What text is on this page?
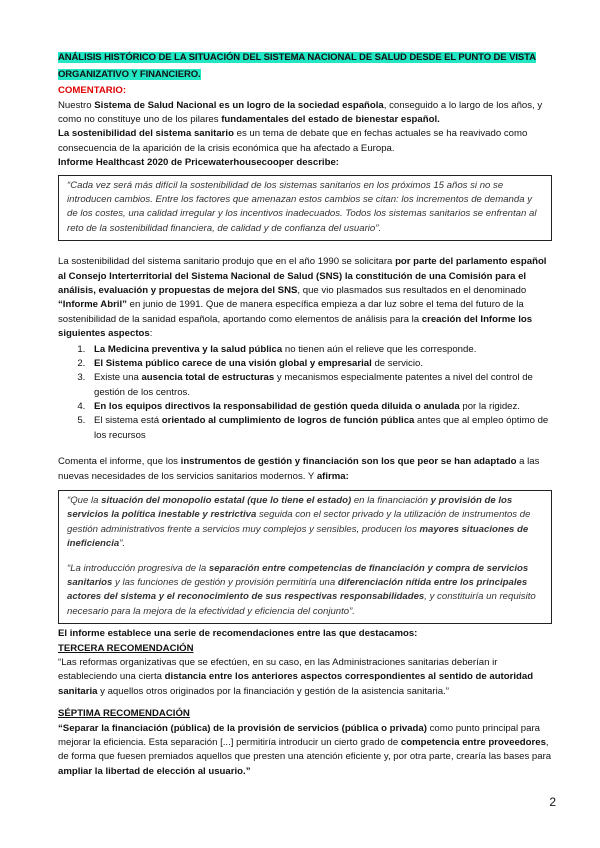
ANÁLISIS HISTÓRICO DE LA SITUACIÓN DEL SISTEMA NACIONAL DE SALUD DESDE EL PUNTO DE VISTA ORGANIZATIVO Y FINANCIERO.

COMENTARIO:

Nuestro Sistema de Salud Nacional es un logro de la sociedad española, conseguido a lo largo de los años, y como no constituye uno de los pilares fundamentales del estado de bienestar español.

La sostenibilidad del sistema sanitario es un tema de debate que en fechas actuales se ha reavivado como consecuencia de la aparición de la crisis económica que ha afectado a Europa.

Informe Healthcast 2020 de Pricewaterhousecooper describe:

“Cada vez será más difícil la sostenibilidad de los sistemas sanitarios en los próximos 15 años si no se introducen cambios. Entre los factores que amenazan estos cambios se citan: los incrementos de demanda y de los costes, una calidad irregular y los incentivos inadecuados. Todos los sistemas sanitarios se enfrentan al reto de la sostenibilidad financiera, de calidad y de confianza del usuario”.

La sostenibilidad del sistema sanitario produjo que en el año 1990 se solicitara por parte del parlamento español al Consejo Interterritorial del Sistema Nacional de Salud (SNS) la constitución de una Comisión para el análisis, evaluación y propuestas de mejora del SNS, que vio plasmados sus resultados en el denominado “Informe Abril” en junio de 1991. Que de manera específica empieza a dar luz sobre el tema del futuro de la sostenibilidad de la sanidad española, aportando como elementos de análisis para la creación del Informe los siguientes aspectos:

1. La Medicina preventiva y la salud pública no tienen aún el relieve que les corresponde.
2. El Sistema público carece de una visión global y empresarial de servicio.
3. Existe una ausencia total de estructuras y mecanismos especialmente patentes a nivel del control de gestión de los centros.
4. En los equipos directivos la responsabilidad de gestión queda diluida o anulada por la rigidez.
5. El sistema está orientado al cumplimiento de logros de función pública antes que al empleo óptimo de los recursos

Comenta el informe, que los instrumentos de gestión y financiación son los que peor se han adaptado a las nuevas necesidades de los servicios sanitarios modernos. Y afirma:

“Que la situación del monopolio estatal (que lo tiene el estado) en la financiación y provisión de los servicios la política inestable y restrictiva seguida con el sector privado y la utilización de instrumentos de gestión administrativos frente a servicios muy complejos y sensibles, producen los mayores situaciones de ineficiencia”.

“La introducción progresiva de la separación entre competencias de financiación y compra de servicios sanitarios y las funciones de gestión y provisión permitiría una diferenciación nítida entre los principales actores del sistema y el reconocimiento de sus respectivas responsabilidades, y constituiría un requisito necesario para la mejora de la efectividad y eficiencia del conjunto”.

El informe establece una serie de recomendaciones entre las que destacamos:

TERCERA RECOMENDACIÓN

“Las reformas organizativas que se efectúen, en su caso, en las Administraciones sanitarias deberían ir estableciendo una cierta distancia entre los anteriores aspectos correspondientes al sentido de autoridad sanitaria y aquellos otros originados por la financiación y gestión de la asistencia sanitaria.”

SÉPTIMA RECOMENDACIÓN

“Separar la financiación (pública) de la provisión de servicios (pública o privada) como punto principal para mejorar la eficiencia. Esta separación [...] permitiría introducir un cierto grado de competencia entre proveedores, de forma que fuesen premiados aquellos que presten una atención eficiente y, por otra parte, crearía las bases para ampliar la libertad de elección al usuario.”

2
